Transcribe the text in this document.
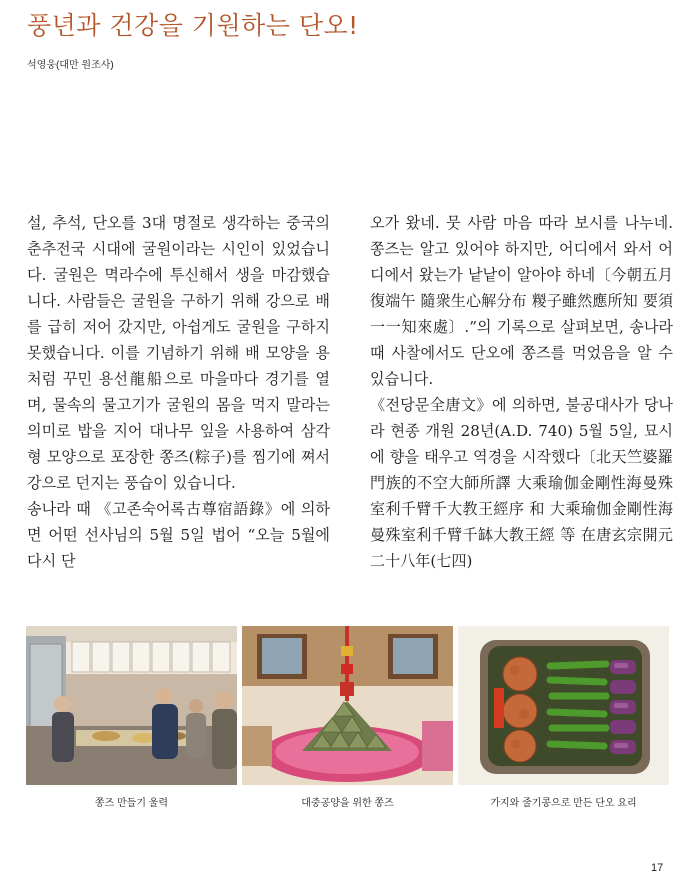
풍년과 건강을 기원하는 단오!
석영웅(대만 원조사)

설, 추석, 단오를 3대 명절로 생각하는 중국의 춘추전국 시대에 굴원이라는 시인이 있었습니다. 굴원은 멱라수에 투신해서 생을 마감했습니다. 사람들은 굴원을 구하기 위해 강으로 배를 급히 저어 갔지만, 아쉽게도 굴원을 구하지 못했습니다. 이를 기념하기 위해 배 모양을 용처럼 꾸민 용선龍船으로 마을마다 경기를 열며, 물속의 물고기가 굴원의 몸을 먹지 말라는 의미로 밥을 지어 대나무 잎을 사용하여 삼각형 모양으로 포장한 쫑즈(粽子)를 찜기에 쪄서 강으로 던지는 풍습이 있습니다.

송나라 때 《고존숙어록古尊宿語錄》에 의하면 어떤 선사님의 5월 5일 법어 “오늘 5월에 다시 단

오가 왔네. 뭇 사람 마음 따라 보시를 나누네. 쫑즈는 알고 있어야 하지만, 어디에서 와서 어디에서 왔는가 낱낱이 알아야 하네〔今朝五月復端午 隨衆生心解分布 糉子雖然應所知 要須一一知來處〕.”의 기록으로 살펴보면, 송나라 때 사찰에서도 단오에 쫑즈를 먹었음을 알 수 있습니다.

《전당문全唐文》에 의하면, 불공대사가 당나라 현종 개원 28년(A.D. 740) 5월 5일, 묘시에 향을 태우고 역경을 시작했다〔北天竺婆羅門族的不空大師所譯 大乘瑜伽金剛性海曼殊室利千臂千大教王經序 和 大乘瑜伽金剛性海曼殊室利千臂千缽大教王經 等 在唐玄宗開元二十八年(七四)

쫑즈 만들기 울력	대중공양을 위한 쫑즈	가지와 줄기콩으로 만든 단오 요리
17
